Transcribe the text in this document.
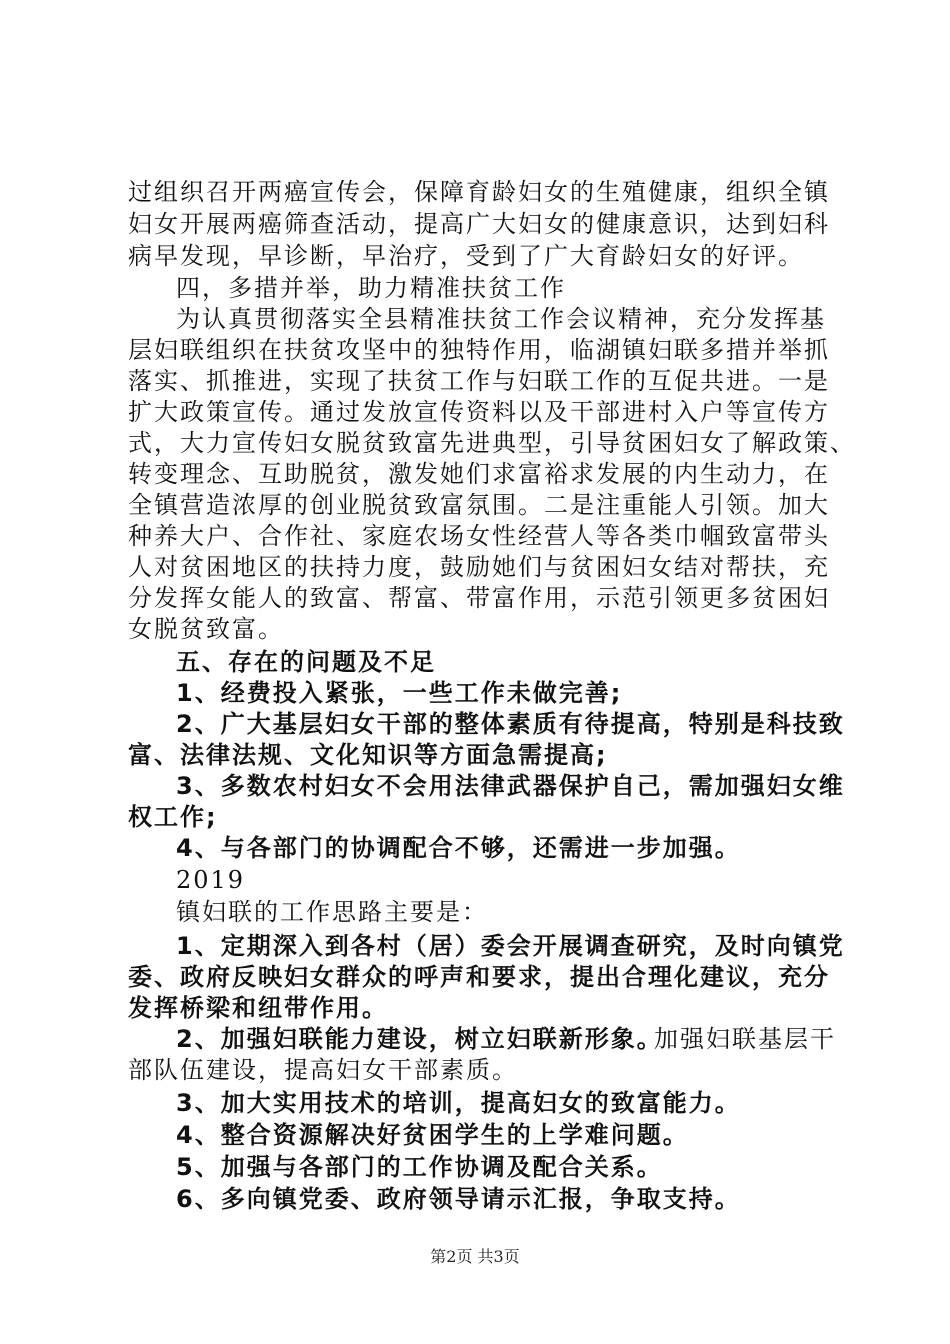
过组织召开两癌宣传会，保障育龄妇女的生殖健康，组织全镇
妇女开展两癌筛查活动，提高广大妇女的健康意识，达到妇科
病早发现，早诊断，早治疗，受到了广大育龄妇女的好评。
四，多措并举，助力精准扶贫工作
为认真贯彻落实全县精准扶贫工作会议精神，充分发挥基
层妇联组织在扶贫攻坚中的独特作用，临湖镇妇联多措并举抓
落实、抓推进，实现了扶贫工作与妇联工作的互促共进。一是
扩大政策宣传。通过发放宣传资料以及干部进村入户等宣传方
式，大力宣传妇女脱贫致富先进典型，引导贫困妇女了解政策、
转变理念、互助脱贫，激发她们求富裕求发展的内生动力，在
全镇营造浓厚的创业脱贫致富氛围。二是注重能人引领。加大
种养大户、合作社、家庭农场女性经营人等各类巾帼致富带头
人对贫困地区的扶持力度，鼓励她们与贫困妇女结对帮扶，充
分发挥女能人的致富、帮富、带富作用，示范引领更多贫困妇
女脱贫致富。
五、存在的问题及不足
1、经费投入紧张，一些工作未做完善;
2、广大基层妇女干部的整体素质有待提高，特别是科技致
富、法律法规、文化知识等方面急需提高;
3、多数农村妇女不会用法律武器保护自己，需加强妇女维
权工作;
4、与各部门的协调配合不够，还需进一步加强。
2019
镇妇联的工作思路主要是：
1、定期深入到各村（居）委会开展调查研究，及时向镇党
委、政府反映妇女群众的呼声和要求，提出合理化建议，充分
发挥桥梁和纽带作用。
2、加强妇联能力建设，树立妇联新形象。
加强妇联基层干
部队伍建设，提高妇女干部素质。
3、加大实用技术的培训，提高妇女的致富能力。
4、整合资源解决好贫困学生的上学难问题。
5、加强与各部门的工作协调及配合关系。
6、多向镇党委、政府领导请示汇报，争取支持。
第2页 共3页
